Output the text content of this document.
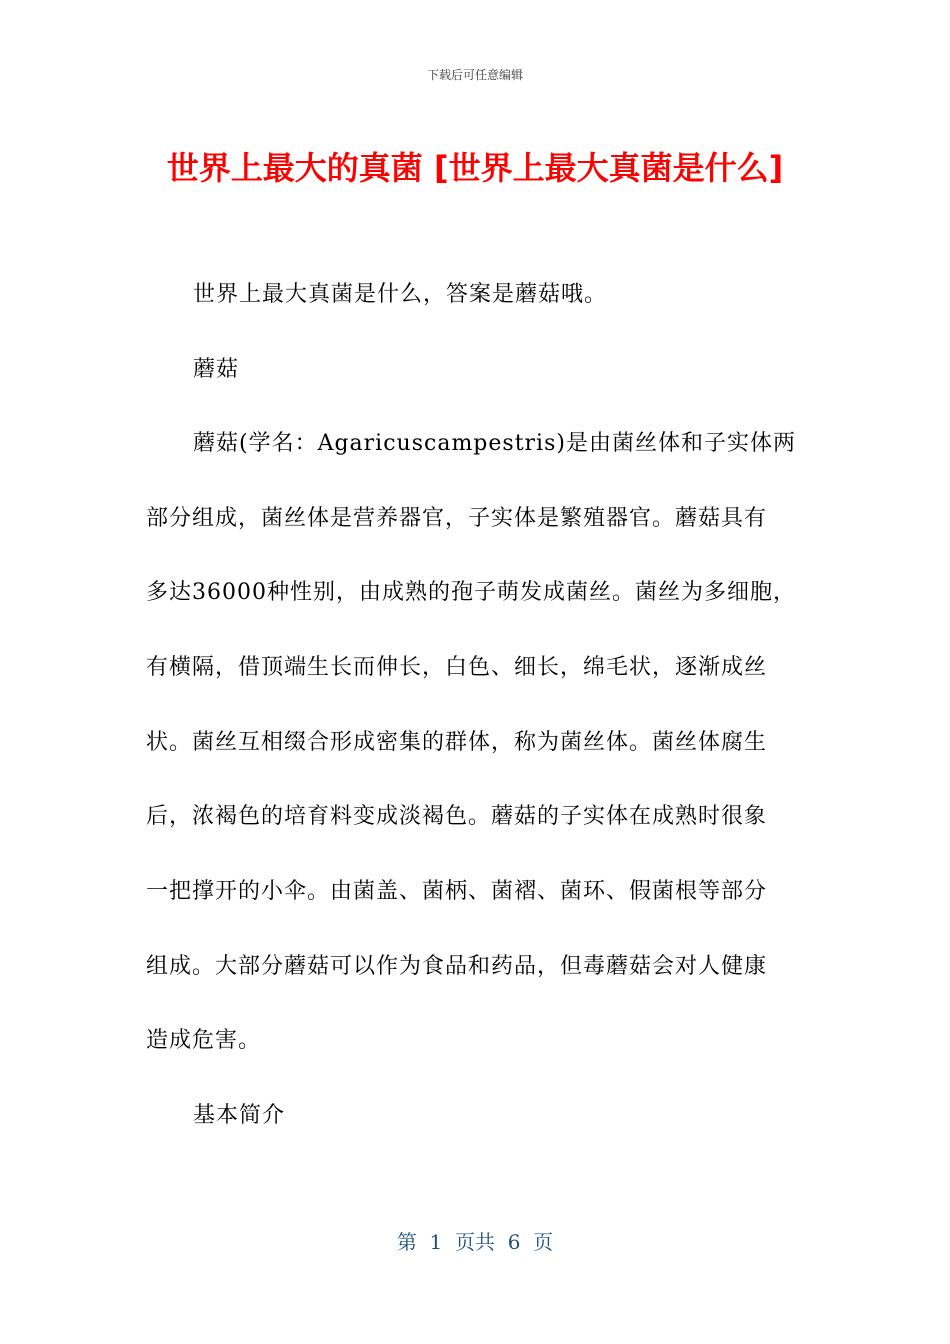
下载后可任意编辑
世界上最大的真菌 [世界上最大真菌是什么]
世界上最大真菌是什么，答案是蘑菇哦。
蘑菇
蘑菇(学名：Agaricuscampestris)是由菌丝体和子实体两
部分组成，菌丝体是营养器官，子实体是繁殖器官。蘑菇具有
多达36000种性别，由成熟的孢子萌发成菌丝。菌丝为多细胞，
有横隔，借顶端生长而伸长，白色、细长，绵毛状，逐渐成丝
状。菌丝互相缀合形成密集的群体，称为菌丝体。菌丝体腐生
后，浓褐色的培育料变成淡褐色。蘑菇的子实体在成熟时很象
一把撑开的小伞。由菌盖、菌柄、菌褶、菌环、假菌根等部分
组成。大部分蘑菇可以作为食品和药品，但毒蘑菇会对人健康
造成危害。
基本简介
第  1  页共  6  页
